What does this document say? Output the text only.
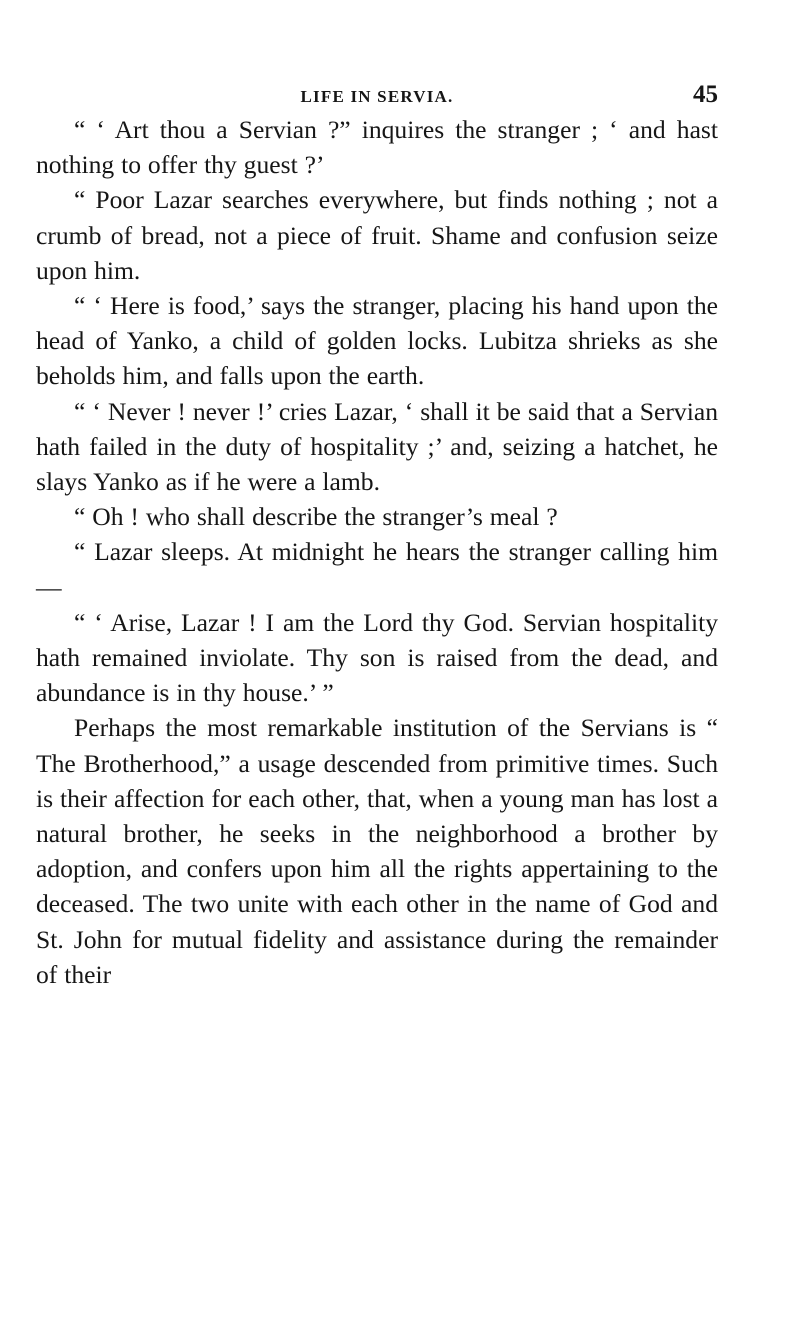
LIFE IN SERVIA.	45

“ ‘ Art thou a Servian ?” inquires the stranger ; ‘ and hast nothing to offer thy guest ?’

“ Poor Lazar searches everywhere, but finds nothing ; not a crumb of bread, not a piece of fruit. Shame and confusion seize upon him.

“ ‘ Here is food,’ says the stranger, placing his hand upon the head of Yanko, a child of golden locks. Lubitza shrieks as she beholds him, and falls upon the earth.

“ ‘ Never ! never !’ cries Lazar, ‘ shall it be said that a Servian hath failed in the duty of hospitality ;’ and, seizing a hatchet, he slays Yanko as if he were a lamb.

“ Oh ! who shall describe the stranger’s meal ?

“ Lazar sleeps. At midnight he hears the stranger calling him—

“ ‘ Arise, Lazar ! I am the Lord thy God. Servian hospitality hath remained inviolate. Thy son is raised from the dead, and abundance is in thy house.’ ”

Perhaps the most remarkable institution of the Servians is “ The Brotherhood,” a usage descended from primitive times. Such is their affection for each other, that, when a young man has lost a natural brother, he seeks in the neighborhood a brother by adoption, and confers upon him all the rights appertaining to the deceased. The two unite with each other in the name of God and St. John for mutual fidelity and assistance during the remainder of their
